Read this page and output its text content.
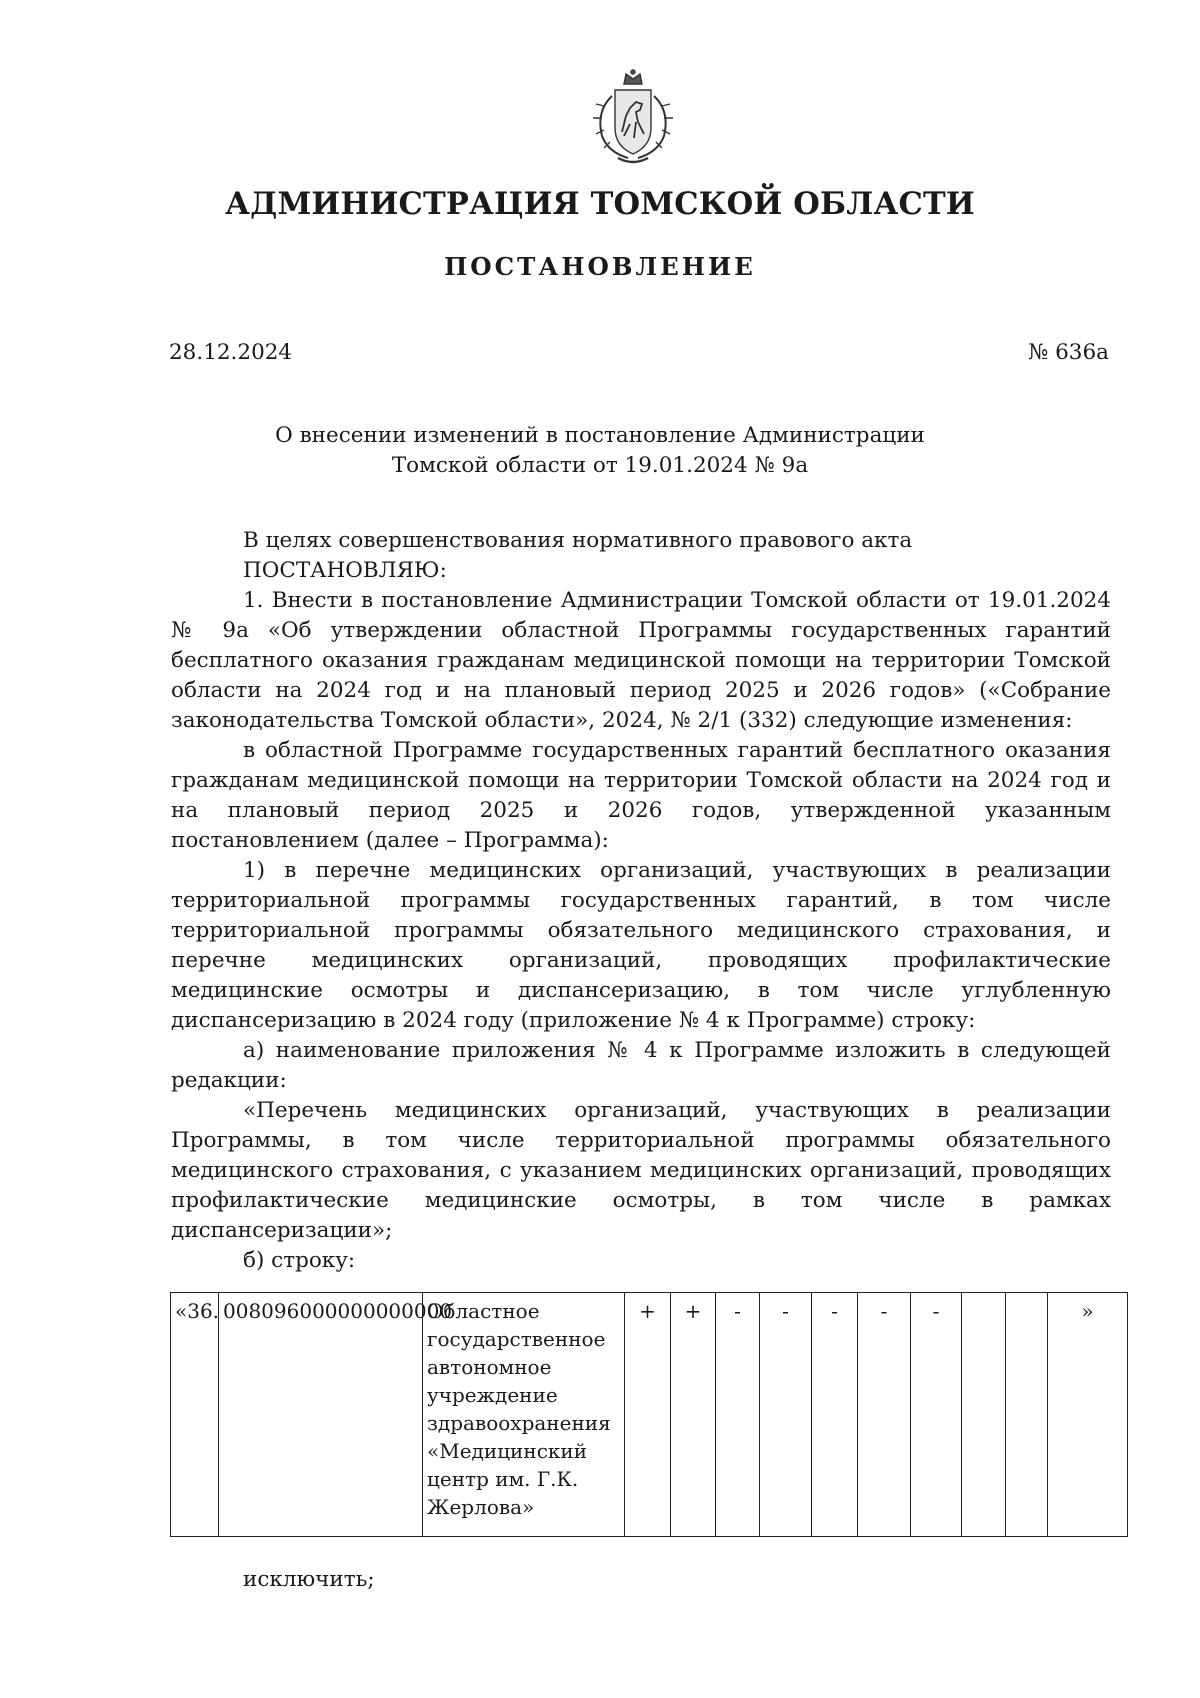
АДМИНИСТРАЦИЯ ТОМСКОЙ ОБЛАСТИ
ПОСТАНОВЛЕНИЕ
28.12.2024	№ 636а
О внесении изменений в постановление Администрации
Томской области от 19.01.2024 № 9а

В целях совершенствования нормативного правового акта

ПОСТАНОВЛЯЮ:

1. Внести в постановление Администрации Томской области от 19.01.2024 № 9а «Об утверждении областной Программы государственных гарантий бесплатного оказания гражданам медицинской помощи на территории Томской области на 2024 год и на плановый период 2025 и 2026 годов» («Собрание законодательства Томской области», 2024, № 2/1 (332) следующие изменения:

в областной Программе государственных гарантий бесплатного оказания гражданам медицинской помощи на территории Томской области на 2024 год и на плановый период 2025 и 2026 годов, утвержденной указанным постановлением (далее – Программа):

1) в перечне медицинских организаций, участвующих в реализации территориальной программы государственных гарантий, в том числе территориальной программы обязательного медицинского страхования, и перечне медицинских организаций, проводящих профилактические медицинские осмотры и диспансеризацию, в том числе углубленную диспансеризацию в 2024 году (приложение № 4 к Программе) строку:

а) наименование приложения № 4 к Программе изложить в следующей редакции:

«Перечень медицинских организаций, участвующих в реализации Программы, в том числе территориальной программы обязательного медицинского страхования, с указанием медицинских организаций, проводящих профилактические медицинские осмотры, в том числе в рамках диспансеризации»;

б) строку:

«36.	008096000000000000	Областное государственное автономное учреждение здравоохранения «Медицинский центр им. Г.К. Жерлова»	+	+	-	-	-	-	-			»
исключить;
